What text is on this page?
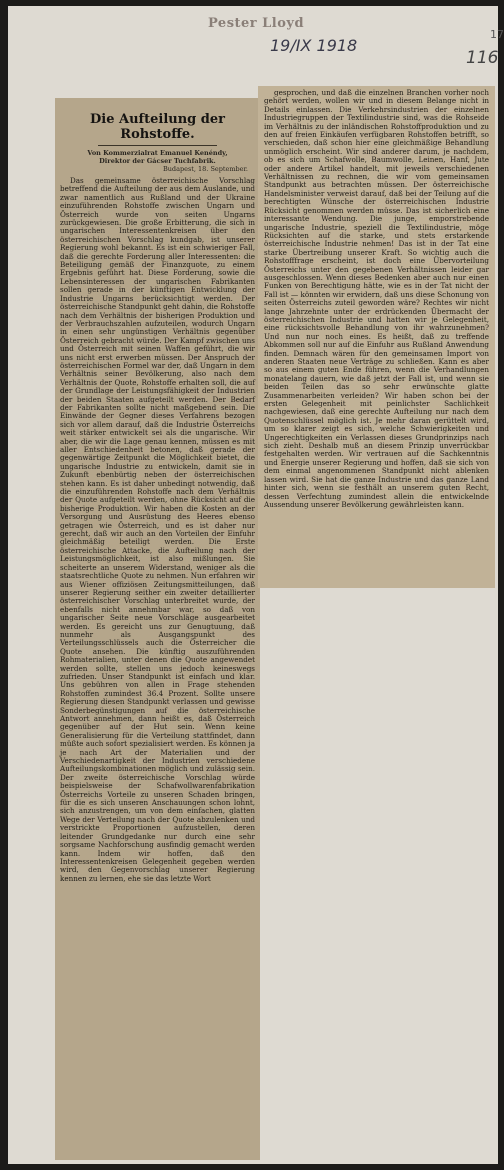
Pester Lloyd
19/IX 1918
17
116
Die Aufteilung der Rohstoffe.
Von Kommerzialrat Emanuel Kenéndy,
Direktor der Gácser Tuchfabrik.
Budapest, 18. September.

Das gemeinsame österreichische Vorschlag betreffend die Aufteilung der aus dem Auslande, und zwar namentlich aus Rußland und der Ukraine einzuführenden Rohstoffe zwischen Ungarn und Österreich wurde von seiten Ungarns zurückgewiesen. Die große Erbitterung, die sich in ungarischen Interessentenkreisen über den österreichischen Vorschlag kundgab, ist unserer Regierung wohl bekannt. Es ist ein schwieriger Fall, daß die gerechte Forderung aller Interessenten: die Beteiligung gemäß der Finanzquote, zu einem Ergebnis geführt hat. Diese Forderung, sowie die Lebensinteressen der ungarischen Fabrikanten sollen gerade in der künftigen Entwicklung der Industrie Ungarns berücksichtigt werden. Der österreichische Standpunkt geht dahin, die Rohstoffe nach dem Verhältnis der bisherigen Produktion und der Verbrauchszahlen aufzuteilen, wodurch Ungarn in einen sehr ungünstigen Verhältnis gegenüber Österreich gebracht würde. Der Kampf zwischen uns und Österreich mit seinen Waffen geführt, die wir uns nicht erst erwerben müssen. Der Anspruch der österreichischen Formel war der, daß Ungarn in dem Verhältnis seiner Bevölkerung, also nach dem Verhältnis der Quote, Rohstoffe erhalten soll, die auf der Grundlage der Leistungsfähigkeit der Industrien der beiden Staaten aufgeteilt werden. Der Bedarf der Fabrikanten sollte nicht maßgebend sein. Die Einwände der Gegner dieses Verfahrens bezogen sich vor allem darauf, daß die Industrie Österreichs weit stärker entwickelt sei als die ungarische. Wir aber, die wir die Lage genau kennen, müssen es mit aller Entschiedenheit betonen, daß gerade der gegenwärtige Zeitpunkt die Möglichkeit bietet, die ungarische Industrie zu entwickeln, damit sie in Zukunft ebenbürtig neben der österreichischen stehen kann. Es ist daher unbedingt notwendig, daß die einzuführenden Rohstoffe nach dem Verhältnis der Quote aufgeteilt werden, ohne Rücksicht auf die bisherige Produktion. Wir haben die Kosten an der Versorgung und Ausrüstung des Heeres ebenso getragen wie Österreich, und es ist daher nur gerecht, daß wir auch an den Vorteilen der Einfuhr gleichmäßig beteiligt werden. Die Erste österreichische Attacke, die Aufteilung nach der Leistungsmöglichkeit, ist also mißlungen. Sie scheiterte an unserem Widerstand, weniger als die staatsrechtliche Quote zu nehmen. Nun erfahren wir aus Wiener offiziösen Zeitungsmitteilungen, daß unserer Regierung seither ein zweiter detaillierter österreichischer Vorschlag unterbreitet wurde, der ebenfalls nicht annehmbar war, so daß von ungarischer Seite neue Vorschläge ausgearbeitet werden. Es gereicht uns zur Genugtuung, daß nunmehr als Ausgangspunkt des Verteilungsschlüssels auch die Österreicher die Quote ansehen. Die künftig auszuführenden Rohmaterialien, unter denen die Quote angewendet werden sollte, stellen uns jedoch keineswegs zufrieden. Unser Standpunkt ist einfach und klar. Uns gebühren von allen in Frage stehenden Rohstoffen zumindest 36.4 Prozent. Sollte unsere Regierung diesen Standpunkt verlassen und gewisse Sonderbegünstigungen auf die österreichische Antwort annehmen, dann heißt es, daß Österreich gegenüber auf der Hut sein. Wenn keine Generalisierung für die Verteilung stattfindet, dann müßte auch sofort spezialisiert werden. Es können ja je nach Art der Materialien und der Verschiedenartigkeit der Industrien verschiedene Aufteilungskombinationen möglich und zulässig sein. Der zweite österreichische Vorschlag würde beispielsweise der Schafwollwarenfabrikation Österreichs Vorteile zu unseren Schaden bringen, für die es sich unseren Anschauungen schon lohnt, sich anzustrengen, um von dem einfachen, glatten Wege der Verteilung nach der Quote abzulenken und verstrickte Proportionen aufzustellen, deren leitender Grundgedanke nur durch eine sehr sorgsame Nachforschung ausfindig gemacht werden kann. Indem wir hoffen, daß den Interessentenkreisen Gelegenheit gegeben werden wird, den Gegenvorschlag unserer Regierung kennen zu lernen, ehe sie das letzte Wort

gesprochen, und daß die einzelnen Branchen vorher noch gehört werden, wollen wir und in diesem Belange nicht in Details einlassen. Die Verkehrsindustrien der einzelnen Industriegruppen der Textilindustrie sind, was die Rohseide im Verhältnis zu der inländischen Rohstoffproduktion und zu den auf freien Einkäufen verfügbaren Rohstoffen betrifft, so verschieden, daß schon hier eine gleichmäßige Behandlung unmöglich erscheint. Wir sind anderer darum, je nachdem, ob es sich um Schafwolle, Baumwolle, Leinen, Hanf, Jute oder andere Artikel handelt, mit jeweils verschiedenen Verhältnissen zu rechnen, die wir vom gemeinsamen Standpunkt aus betrachten müssen. Der österreichische Handelsminister verweist darauf, daß bei der Teilung auf die berechtigten Wünsche der österreichischen Industrie Rücksicht genommen werden müsse. Das ist sicherlich eine interessante Wendung. Die junge, emporstrebende ungarische Industrie, speziell die Textilindustrie, möge Rücksichten auf die starke, und stets erstarkende österreichische Industrie nehmen! Das ist in der Tat eine starke Übertreibung unserer Kraft. So wichtig auch die Rohstofffrage erscheint, ist doch eine Übervorteilung Österreichs unter den gegebenen Verhältnissen leider gar ausgeschlossen. Wenn dieses Bedenken aber auch nur einen Funken von Berechtigung hätte, wie es in der Tat nicht der Fall ist — könnten wir erwidern, daß uns diese Schonung von seiten Österreichs zuteil geworden wäre? Rechtes wir nicht lange Jahrzehnte unter der erdrückenden Übermacht der österreichischen Industrie und hatten wir je Gelegenheit, eine rücksichtsvolle Behandlung von ihr wahrzunehmen? Und nun nur noch eines. Es heißt, daß zu treffende Abkommen soll nur auf die Einfuhr aus Rußland Anwendung finden. Demnach wären für den gemeinsamen Import von anderen Staaten neue Verträge zu schließen. Kann es aber so aus einem guten Ende führen, wenn die Verhandlungen monatelang dauern, wie daß jetzt der Fall ist, und wenn sie beiden Teilen das so sehr erwünschte glatte Zusammenarbeiten verleiden? Wir haben schon bei der ersten Gelegenheit mit peinlichster Sachlichkeit nachgewiesen, daß eine gerechte Aufteilung nur nach dem Quotenschlüssel möglich ist. Je mehr daran gerüttelt wird, um so klarer zeigt es sich, welche Schwierigkeiten und Ungerechtigkeiten ein Verlassen dieses Grundprinzips nach sich zieht. Deshalb muß an diesem Prinzip unverrückbar festgehalten werden. Wir vertrauen auf die Sachkenntnis und Energie unserer Regierung und hoffen, daß sie sich von dem einmal angenommenen Standpunkt nicht ablenken lassen wird. Sie hat die ganze Industrie und das ganze Land hinter sich, wenn sie festhält an unserem guten Recht, dessen Verfechtung zumindest allein die entwickelnde Aussendung unserer Bevölkerung gewährleisten kann.
